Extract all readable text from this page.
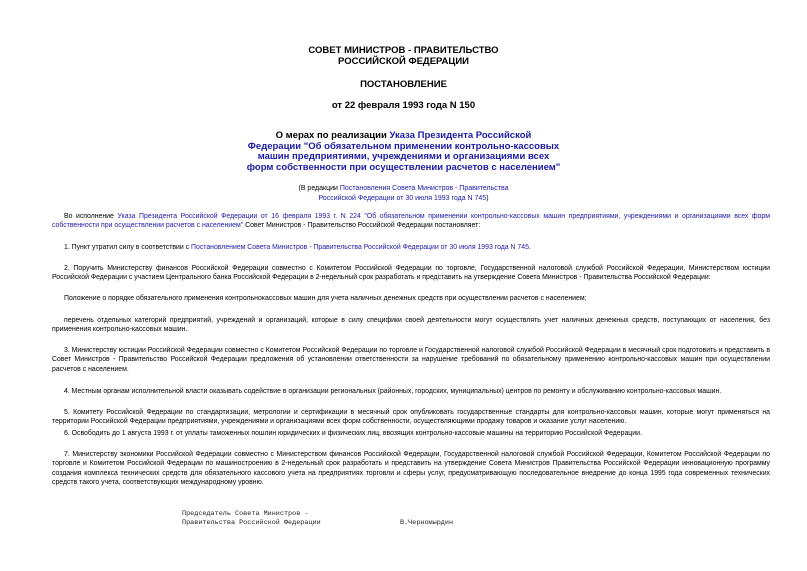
СОВЕТ МИНИСТРОВ - ПРАВИТЕЛЬСТВО
РОССИЙСКОЙ ФЕДЕРАЦИИ
ПОСТАНОВЛЕНИЕ
от 22 февраля 1993 года N 150
О мерах по реализации Указа Президента Российской
Федерации "Об обязательном применении контрольно-кассовых
машин предприятиями, учреждениями и организациями всех
форм собственности при осуществлении расчетов с населением"
(В редакции Постановления Совета Министров - Правительства
Российской Федерации от 30 июля 1993 года N 745)
Во исполнение Указа Президента Российской Федерации от 16 февраля 1993 г. N 224 "Об обязательном применении контрольно-кассовых машин предприятиями, учреждениями и организациями всех форм собственности при осуществлении расчетов с населением" Совет Министров - Правительство Российской Федерации постановляет:
1. Пункт утратил силу в соответствии с Постановлением Совета Министров - Правительства Российской Федерации от 30 июля 1993 года N 745.
2. Поручить Министерству финансов Российской Федерации совместно с Комитетом Российской Федерации по торговле, Государственной налоговой службой Российской Федерации, Министерством юстиции Российской Федерации с участием Центрального банка Российской Федерации в 2-недельный срок разработать и представить на утверждение Совета Министров - Правительства Российской Федерации:
Положение о порядке обязательного применения контрольнокассовых машин для учета наличных денежных средств при осуществлении расчетов с населением;
перечень отдельных категорий предприятий, учреждений и организаций, которые в силу специфики своей деятельности могут осуществлять учет наличных денежных средств, поступающих от населения, без применения контрольно-кассовых машин.
3. Министерству юстиции Российской Федерации совместно с Комитетом Российской Федерации по торговле и Государственной налоговой службой Российской Федерации в месячный срок подготовить и представить в Совет Министров - Правительство Российской Федерации предложения об установлении ответственности за нарушение требований по обязательному применению контрольно-кассовых машин при осуществлении расчетов с населением.
4. Местным органам исполнительной власти оказывать содействие в организации региональных (районных, городских, муниципальных) центров по ремонту и обслуживанию контрольно-кассовых машин.
5. Комитету Российской Федерации по стандартизации, метрологии и сертификации в месячный срок опубликовать государственные стандарты для контрольно-кассовых машин, которые могут применяться на территории Российской Федерации предприятиями, учреждениями и организациями всех форм собственности, осуществляющими продажу товаров и оказание услуг населению.
6. Освободить до 1 августа 1993 г. от уплаты таможенных пошлин юридических и физических лиц, ввозящих контрольно-кассовые машины на территорию Российской Федерации.
7. Министерству экономики Российской Федерации совместно с Министерством финансов Российской Федерации, Государственной налоговой службой Российской Федерации, Комитетом Российской Федерации по торговле и Комитетом Российской Федерации по машиностроению в 2-недельный срок разработать и представить на утверждение Совета Министров Правительства Российской Федерации инновационную программу создания комплекса технических средств для обязательного кассового учета на предприятиях торговли и сферы услуг, предусматривающую последовательное внедрение до конца 1995 года современных технических средств такого учета, соответствующих международному уровню.
Председатель Совета Министров -
Правительства Российской Федерации	В.Черномырдин
